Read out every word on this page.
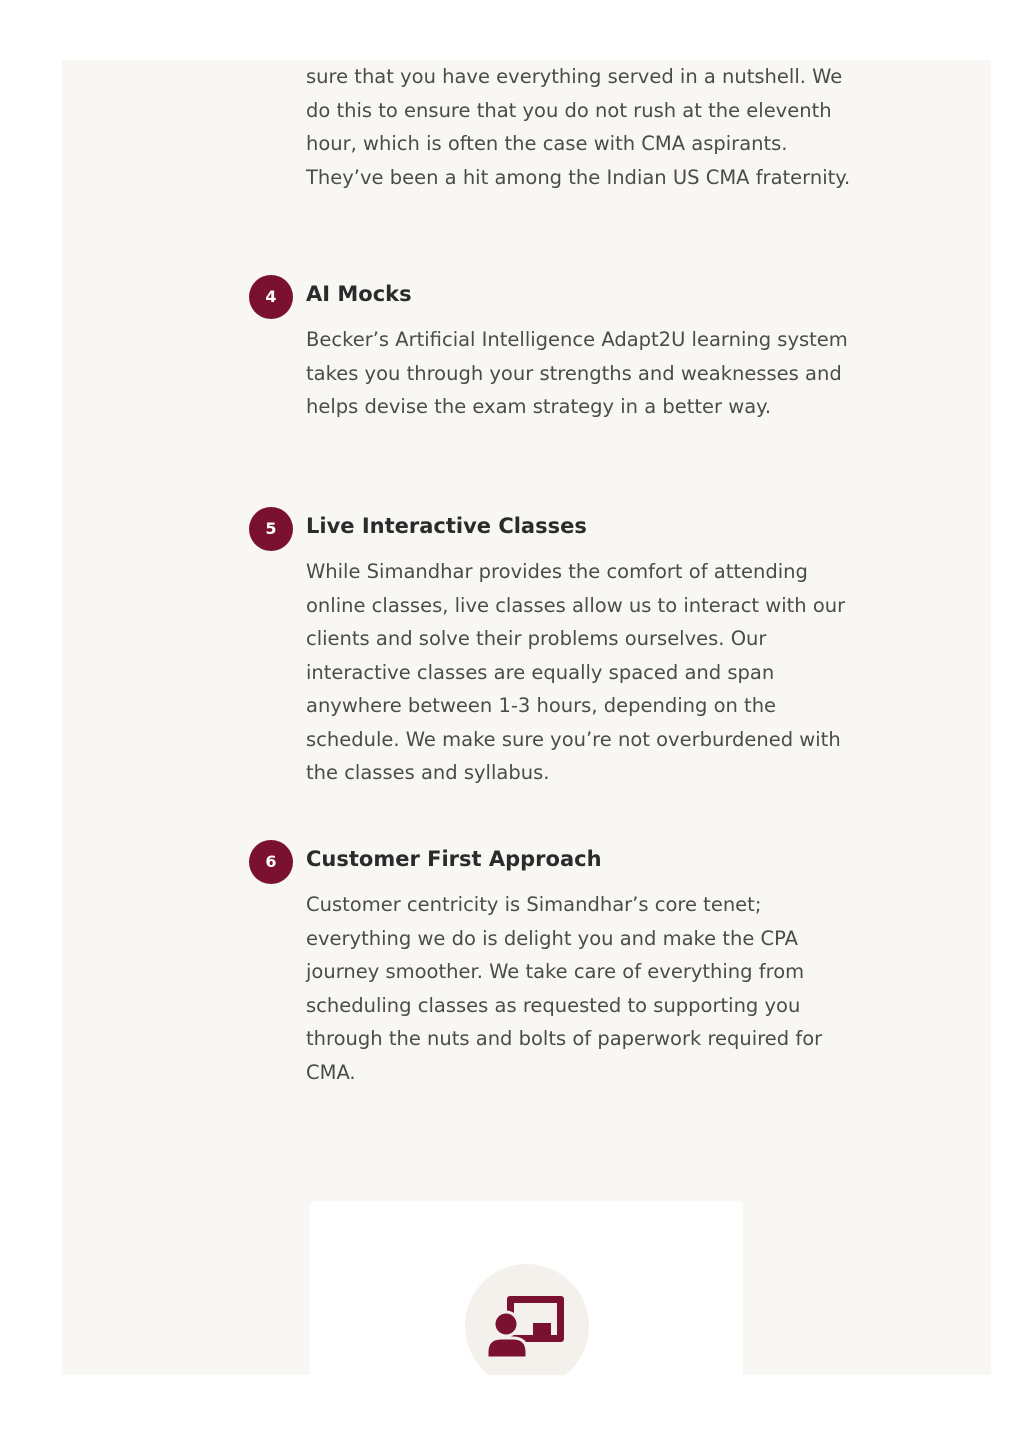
sure that you have everything served in a nutshell. We do this to ensure that you do not rush at the eleventh hour, which is often the case with CMA aspirants. They’ve been a hit among the Indian US CMA fraternity.

4	AI Mocks

Becker’s Artificial Intelligence Adapt2U learning system takes you through your strengths and weaknesses and helps devise the exam strategy in a better way.

5	Live Interactive Classes

While Simandhar provides the comfort of attending online classes, live classes allow us to interact with our clients and solve their problems ourselves. Our interactive classes are equally spaced and span anywhere between 1-3 hours, depending on the schedule. We make sure you’re not overburdened with the classes and syllabus.

6	Customer First Approach

Customer centricity is Simandhar’s core tenet; everything we do is delight you and make the CPA journey smoother. We take care of everything from scheduling classes as requested to supporting you through the nuts and bolts of paperwork required for CMA.
